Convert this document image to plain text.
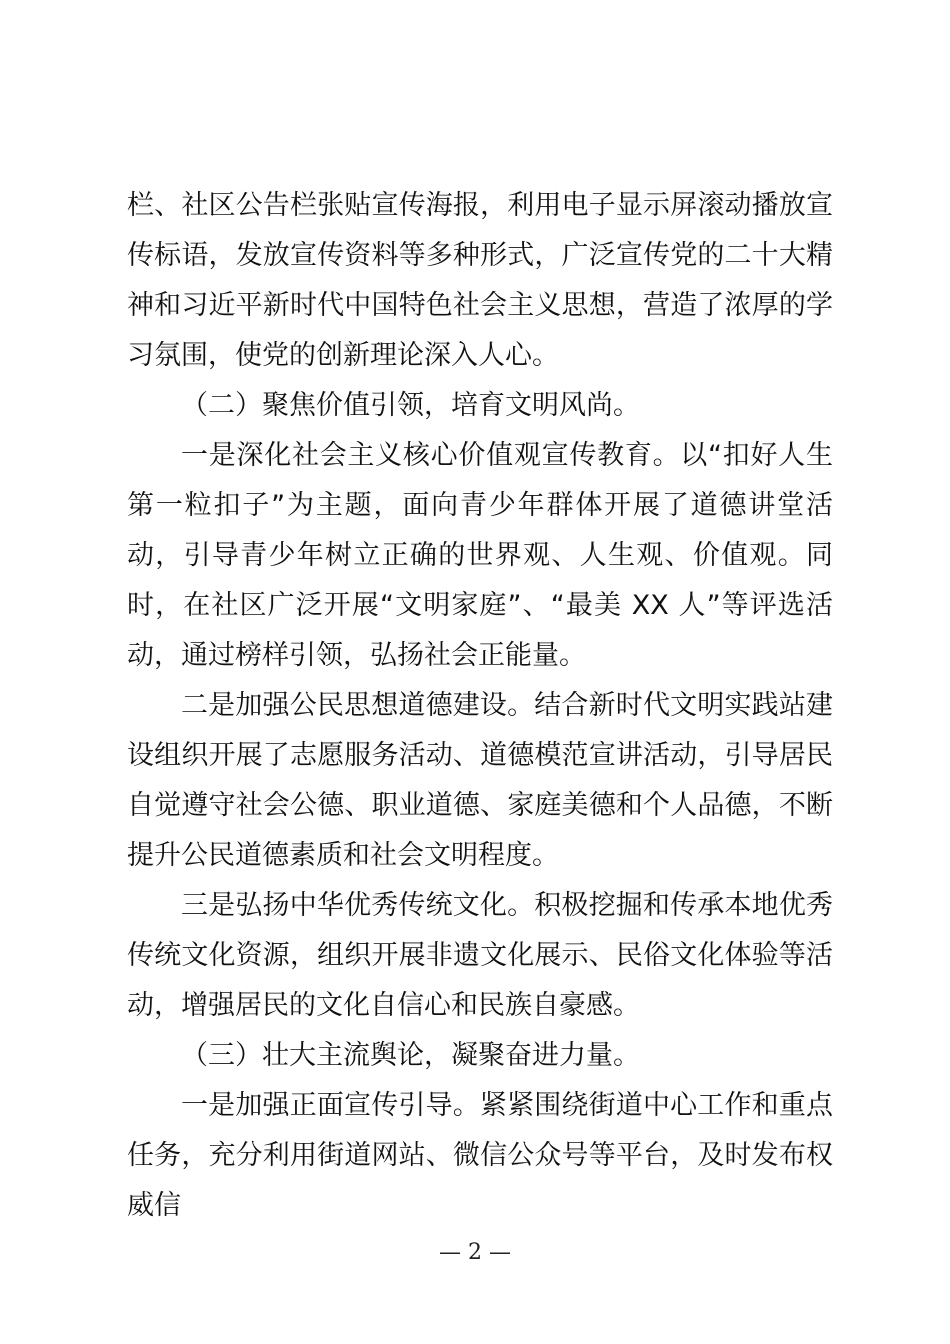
栏、社区公告栏张贴宣传海报，利用电子显示屏滚动播放宣传标语，发放宣传资料等多种形式，广泛宣传党的二十大精神和习近平新时代中国特色社会主义思想，营造了浓厚的学习氛围，使党的创新理论深入人心。

（二）聚焦价值引领，培育文明风尚。

一是深化社会主义核心价值观宣传教育。以“扣好人生第一粒扣子”为主题，面向青少年群体开展了道德讲堂活动，引导青少年树立正确的世界观、人生观、价值观。同时，在社区广泛开展“文明家庭”、“最美 XX 人”等评选活动，通过榜样引领，弘扬社会正能量。

二是加强公民思想道德建设。结合新时代文明实践站建设组织开展了志愿服务活动、道德模范宣讲活动，引导居民自觉遵守社会公德、职业道德、家庭美德和个人品德，不断提升公民道德素质和社会文明程度。

三是弘扬中华优秀传统文化。积极挖掘和传承本地优秀传统文化资源，组织开展非遗文化展示、民俗文化体验等活动，增强居民的文化自信心和民族自豪感。

（三）壮大主流舆论，凝聚奋进力量。

一是加强正面宣传引导。紧紧围绕街道中心工作和重点任务，充分利用街道网站、微信公众号等平台，及时发布权威信

— 2 —
